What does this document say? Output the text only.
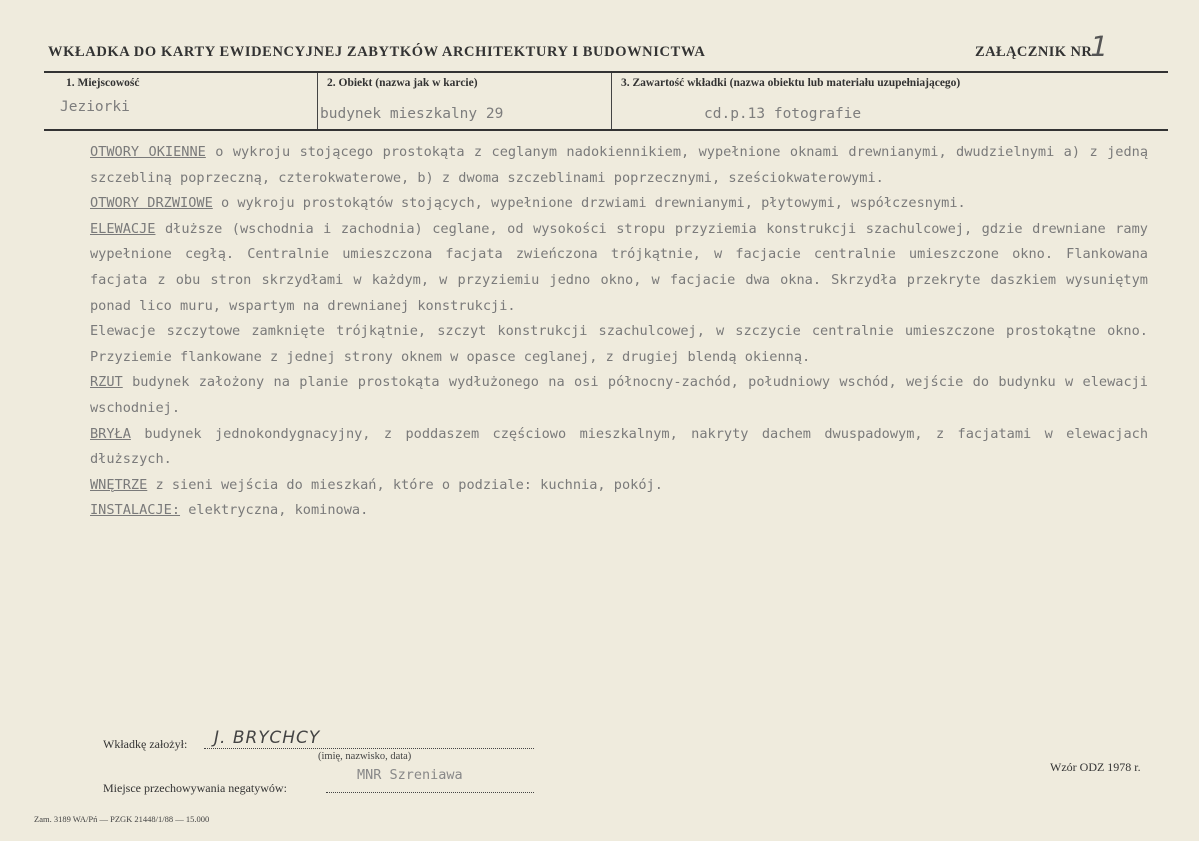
WKŁADKA DO KARTY EWIDENCYJNEJ ZABYTKÓW ARCHITEKTURY I BUDOWNICTWA	ZAŁĄCZNIK NR
1
1. Miejscowość
Jeziorki
2. Obiekt (nazwa jak w karcie)
budynek mieszkalny 29
3. Zawartość wkładki (nazwa obiektu lub materiału uzupełniającego)
cd.p.13 fotografie

OTWORY OKIENNE o wykroju stojącego prostokąta z ceglanym nadokiennikiem, wypełnione oknami drewnianymi, dwudzielnymi a) z jedną szczebliną poprzeczną, czterokwaterowe, b) z dwoma szczeblinami poprzecznymi, sześciokwaterowymi.

OTWORY DRZWIOWE o wykroju prostokątów stojących, wypełnione drzwiami drewnianymi, płytowymi, współczesnymi.

ELEWACJE dłuższe (wschodnia i zachodnia) ceglane, od wysokości stropu przyziemia konstrukcji szachulcowej, gdzie drewniane ramy wypełnione cegłą. Centralnie umieszczona facjata zwieńczona trójkątnie, w facjacie centralnie umieszczone okno. Flankowana facjata z obu stron skrzydłami w każdym, w przyziemiu jedno okno, w facjacie dwa okna. Skrzydła przekryte daszkiem wysuniętym ponad lico muru, wspartym na drewnianej konstrukcji.

Elewacje szczytowe zamknięte trójkątnie, szczyt konstrukcji szachulcowej, w szczycie centralnie umieszczone prostokątne okno. Przyziemie flankowane z jednej strony oknem w opasce ceglanej, z drugiej blendą okienną.

RZUT budynek założony na planie prostokąta wydłużonego na osi północny-zachód, południowy wschód, wejście do budynku w elewacji wschodniej.

BRYŁA budynek jednokondygnacyjny, z poddaszem częściowo mieszkalnym, nakryty dachem dwuspadowym, z facjatami w elewacjach dłuższych.

WNĘTRZE z sieni wejścia do mieszkań, które o podziale: kuchnia, pokój.

INSTALACJE: elektryczna, kominowa.

Wkładkę założył: J. BRYCHCY
(imię, nazwisko, data)
Miejsce przechowywania negatywów:
MNR Szreniawa	Wzór ODZ 1978 r.
Zam. 3189 WA/Pń — PZGK 21448/1/88 — 15.000
